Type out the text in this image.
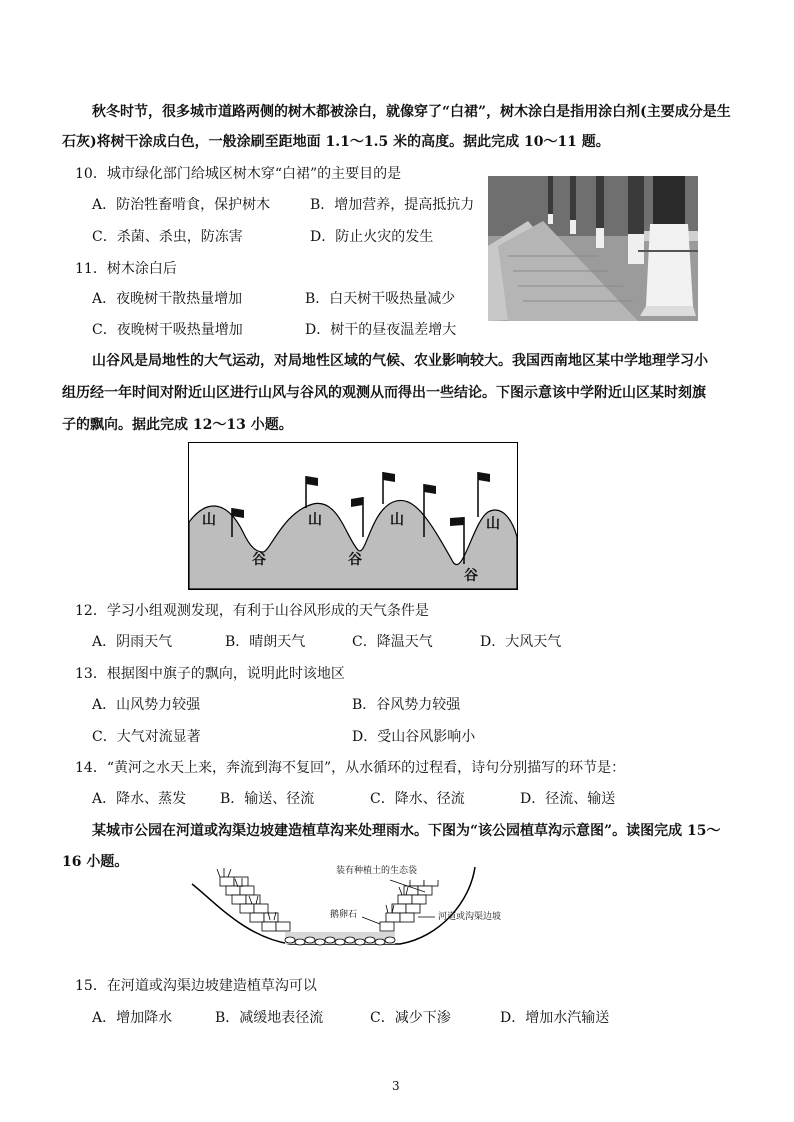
秋冬时节，很多城市道路两侧的树木都被涂白，就像穿了“白裙”，树木涂白是指用涂白剂(主要成分是生
石灰)将树干涂成白色，一般涂刷至距地面 1.1～1.5 米的高度。据此完成 10～11 题。
10．城市绿化部门给城区树木穿“白裙”的主要目的是
A．防治牲畜啃食，保护树木	B．增加营养，提高抵抗力
C．杀菌、杀虫，防冻害	D．防止火灾的发生
11．树木涂白后
A．夜晚树干散热量增加	B．白天树干吸热量减少
C．夜晚树干吸热量增加	D．树干的昼夜温差增大
山谷风是局地性的大气运动，对局地性区域的气候、农业影响较大。我国西南地区某中学地理学习小
组历经一年时间对附近山区进行山风与谷风的观测从而得出一些结论。下图示意该中学附近山区某时刻旗
子的飘向。据此完成 12～13 小题。
山	山	山	山
谷	谷
谷
12．学习小组观测发现，有利于山谷风形成的天气条件是
A．阴雨天气	B．晴朗天气	C．降温天气	D．大风天气
13．根据图中旗子的飘向，说明此时该地区
A．山风势力较强	B．谷风势力较强
C．大气对流显著	D．受山谷风影响小
14．“黄河之水天上来，奔流到海不复回”，从水循环的过程看，诗句分别描写的环节是：
A．降水、蒸发 B．输送、径流	C．降水、径流	D．径流、输送
某城市公园在河道或沟渠边坡建造植草沟来处理雨水。下图为“该公园植草沟示意图”。读图完成 15～
16 小题。
装有种植土的生态袋
鹅卵石	河道或沟渠边坡
15．在河道或沟渠边坡建造植草沟可以
A．增加降水	B．减缓地表径流	C．减少下渗	D．增加水汽输送
3
